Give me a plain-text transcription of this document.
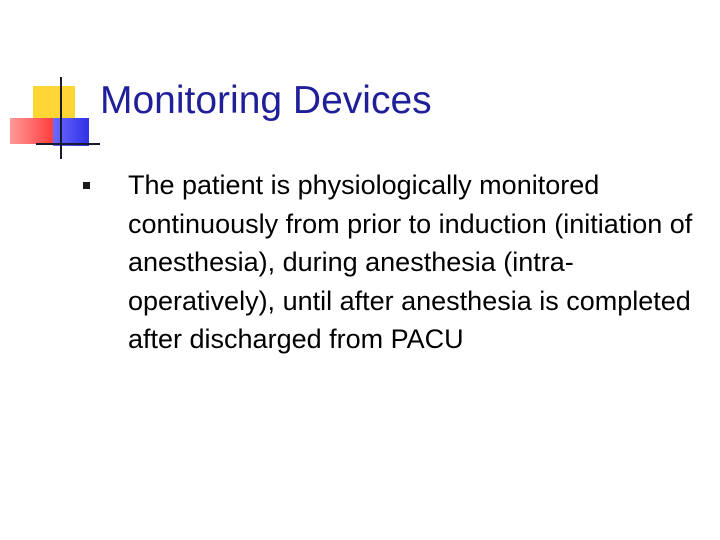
Monitoring Devices
The patient is physiologically monitored continuously from prior to induction (initiation of anesthesia), during anesthesia (intra-operatively), until after anesthesia is completed after discharged from PACU
